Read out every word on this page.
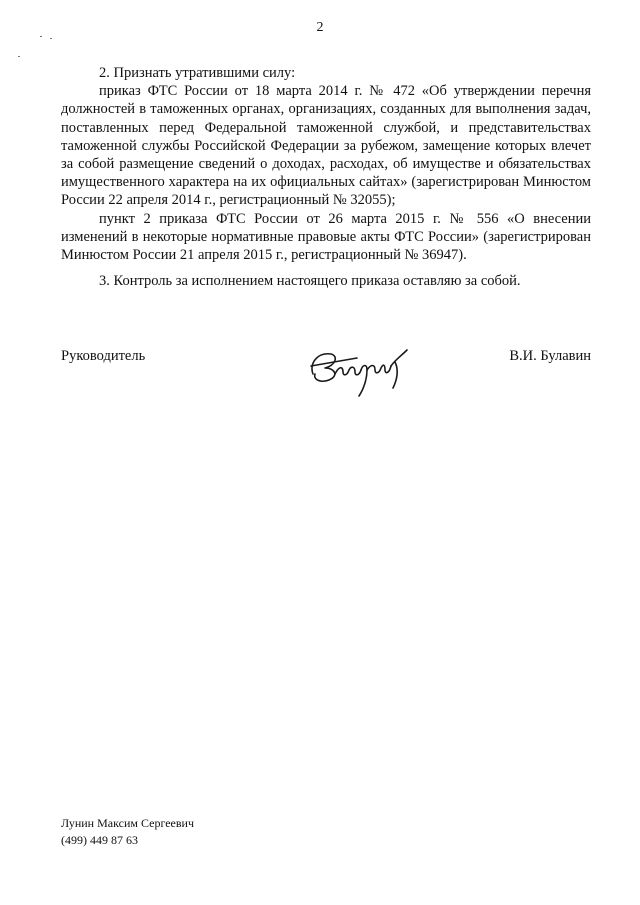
2

2. Признать утратившими силу:

приказ ФТС России от 18 марта 2014 г. № 472 «Об утверждении перечня должностей в таможенных органах, организациях, созданных для выполнения задач, поставленных перед Федеральной таможенной службой, и представительствах таможенной службы Российской Федерации за рубежом, замещение которых влечет за собой размещение сведений о доходах, расходах, об имуществе и обязательствах имущественного характера на их официальных сайтах» (зарегистрирован Минюстом России 22 апреля 2014 г., регистрационный № 32055);

пункт 2 приказа ФТС России от 26 марта 2015 г. № 556 «О внесении изменений в некоторые нормативные правовые акты ФТС России» (зарегистрирован Минюстом России 21 апреля 2015 г., регистрационный № 36947).

3. Контроль за исполнением настоящего приказа оставляю за собой.

Руководитель	В.И. Булавин
Лунин Максим Сергеевич
(499) 449 87 63
